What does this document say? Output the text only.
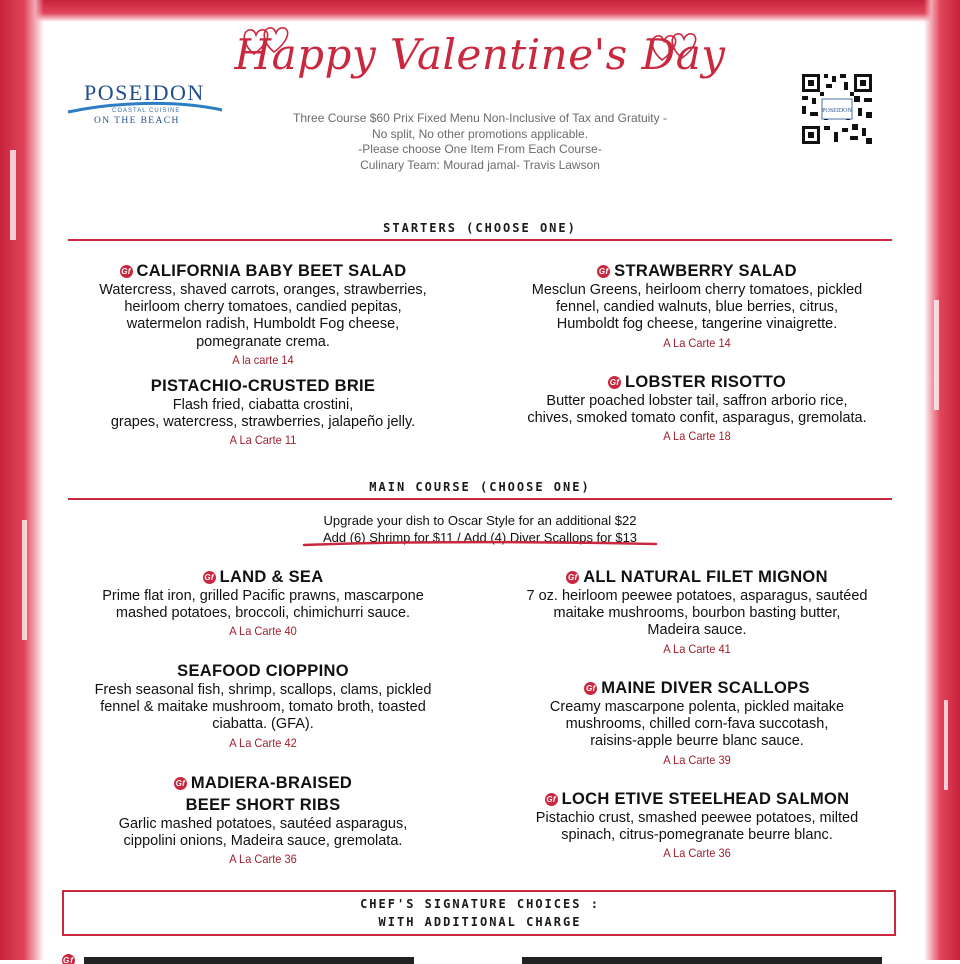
Happy Valentine's Day
POSEIDON
COASTAL CUISINE
ON THE BEACH
POSEIDON
Three Course $60 Prix Fixed Menu Non-Inclusive of Tax and Gratuity -
No split, No other promotions applicable.
-Please choose One Item From Each Course-
Culinary Team: Mourad jamal- Travis Lawson
STARTERS (CHOOSE ONE)
Gf CALIFORNIA BABY BEET SALAD
Watercress, shaved carrots, oranges, strawberries,
heirloom cherry tomatoes, candied pepitas,
watermelon radish, Humboldt Fog cheese,
pomegranate crema.
A la carte 14
Gf STRAWBERRY SALAD
Mesclun Greens, heirloom cherry tomatoes, pickled
fennel, candied walnuts, blue berries, citrus,
Humboldt fog cheese, tangerine vinaigrette.
A La Carte 14
PISTACHIO-CRUSTED BRIE
Flash fried, ciabatta crostini,
grapes, watercress, strawberries, jalapeño jelly.
A La Carte 11
Gf LOBSTER RISOTTO
Butter poached lobster tail, saffron arborio rice,
chives, smoked tomato confit, asparagus, gremolata.
A La Carte 18
MAIN COURSE (CHOOSE ONE)
Upgrade your dish to Oscar Style for an additional $22
Add (6) Shrimp for $11 / Add (4) Diver Scallops for $13
Gf LAND & SEA
Prime flat iron, grilled Pacific prawns, mascarpone
mashed potatoes, broccoli, chimichurri sauce.
A La Carte 40
Gf ALL NATURAL FILET MIGNON
7 oz. heirloom peewee potatoes, asparagus, sautéed
maitake mushrooms, bourbon basting butter,
Madeira sauce.
A La Carte 41
SEAFOOD CIOPPINO
Fresh seasonal fish, shrimp, scallops, clams, pickled
fennel & maitake mushroom, tomato broth, toasted
ciabatta. (GFA).
A La Carte 42
Gf MAINE DIVER SCALLOPS
Creamy mascarpone polenta, pickled maitake
mushrooms, chilled corn-fava succotash,
raisins-apple beurre blanc sauce.
A La Carte 39
Gf MADIERA-BRAISED
BEEF SHORT RIBS
Garlic mashed potatoes, sautéed asparagus,
cippolini onions, Madeira sauce, gremolata.
A La Carte 36
Gf LOCH ETIVE STEELHEAD SALMON
Pistachio crust, smashed peewee potatoes, milted
spinach, citrus-pomegranate beurre blanc.
A La Carte 36
CHEF'S SIGNATURE CHOICES :
WITH ADDITIONAL CHARGE
Gf
